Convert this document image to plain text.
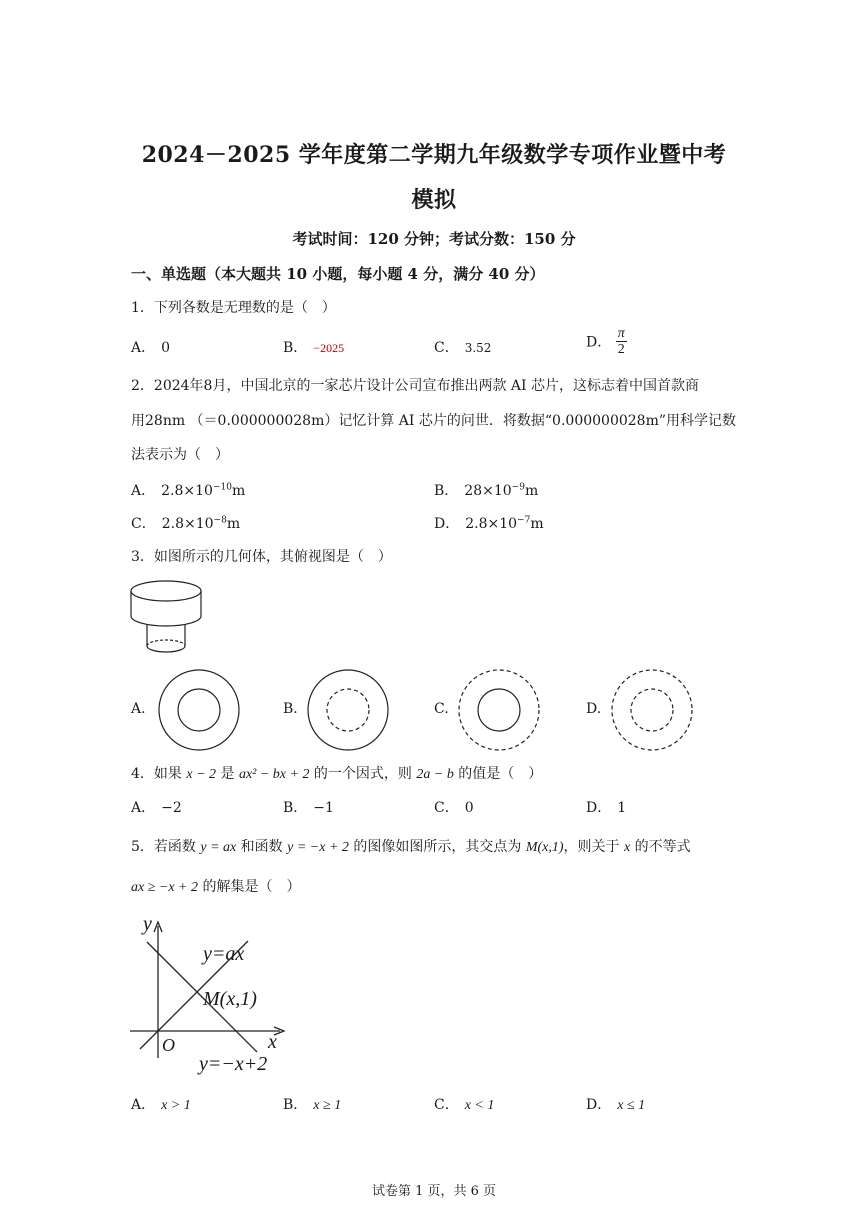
2024－2025 学年度第二学期九年级数学专项作业暨中考
模拟
考试时间：120 分钟；考试分数：150 分
一、单选题（本大题共 10 小题，每小题 4 分，满分 40 分）
1．下列各数是无理数的是（　）
A． 0	B． −2025	C． 3.52	D． $\frac{\pi}{2}$
2．2024年8月，中国北京的一家芯片设计公司宣布推出两款 AI 芯片，这标志着中国首款商
用28nm （＝0.000000028m）记忆计算 AI 芯片的问世．将数据“0.000000028m”用科学记数
法表示为（　）
A． $2.8\times 10^{-10}m$	B． $28\times 10^{-9}m$
C． $2.8\times 10^{-8}m$	D． $2.8\times 10^{-7}m$
3．如图所示的几何体，其俯视图是（　）
A.	B.	C.	D.
4．如果 x − 2 是 ax² − bx + 2 的一个因式，则 2a − b 的值是（　）
A． −2	B． −1	C． 0	D． 1
5．若函数 y = ax 和函数 y = −x + 2 的图像如图所示，其交点为 M(x,1)，则关于 x 的不等式
ax ≥ −x + 2 的解集是（　）
y
x
O
y=ax
M(x,1)
y=−x+2
A． x > 1	B． x ≥ 1	C． x < 1	D． x ≤ 1
试卷第 1 页，共 6 页
